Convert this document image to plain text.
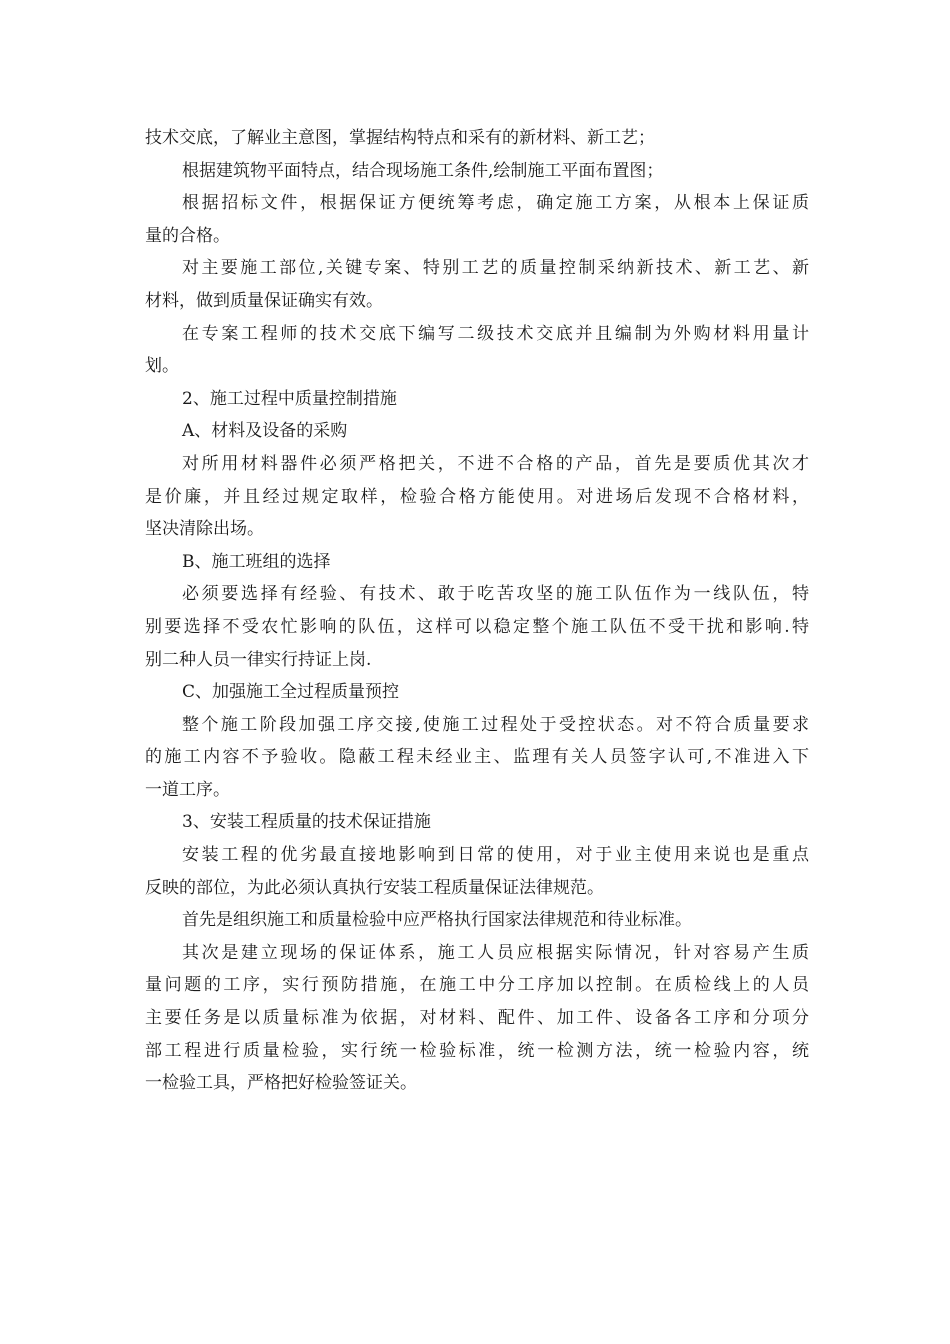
技术交底，了解业主意图，掌握结构特点和采有的新材料、新工艺；
根据建筑物平面特点，结合现场施工条件,绘制施工平面布置图；
根据招标文件，根据保证方便统筹考虑，确定施工方案，从根本上保证质
量的合格。
对主要施工部位,关键专案、特别工艺的质量控制采纳新技术、新工艺、新
材料，做到质量保证确实有效。
在专案工程师的技术交底下编写二级技术交底并且编制为外购材料用量计
划。
2、施工过程中质量控制措施
A、材料及设备的采购
对所用材料器件必须严格把关，不进不合格的产品，首先是要质优其次才
是价廉，并且经过规定取样，检验合格方能使用。对进场后发现不合格材料，
坚决清除出场。
B、施工班组的选择
必须要选择有经验、有技术、敢于吃苦攻坚的施工队伍作为一线队伍，特
别要选择不受农忙影响的队伍，这样可以稳定整个施工队伍不受干扰和影响.特
别二种人员一律实行持证上岗.
C、加强施工全过程质量预控
整个施工阶段加强工序交接,使施工过程处于受控状态。对不符合质量要求
的施工内容不予验收。隐蔽工程未经业主、监理有关人员签字认可,不准进入下
一道工序。
3、安装工程质量的技术保证措施
安装工程的优劣最直接地影响到日常的使用，对于业主使用来说也是重点
反映的部位，为此必须认真执行安装工程质量保证法律规范。
首先是组织施工和质量检验中应严格执行国家法律规范和待业标准。
其次是建立现场的保证体系，施工人员应根据实际情况，针对容易产生质
量问题的工序，实行预防措施，在施工中分工序加以控制。在质检线上的人员
主要任务是以质量标准为依据，对材料、配件、加工件、设备各工序和分项分
部工程进行质量检验，实行统一检验标准，统一检测方法，统一检验内容，统
一检验工具，严格把好检验签证关。
